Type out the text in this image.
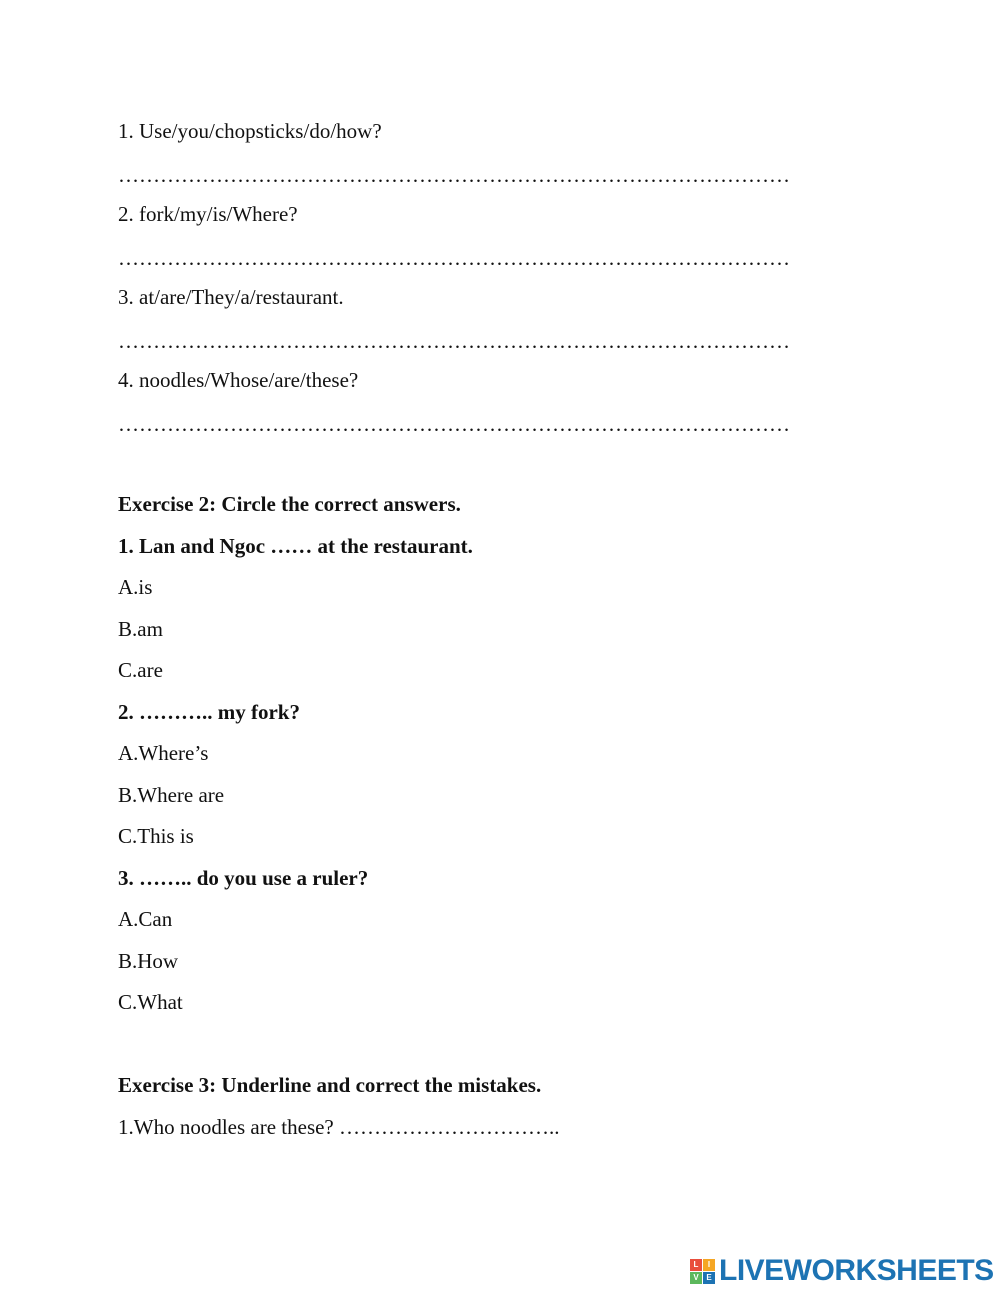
1. Use/you/chopsticks/do/how?
……………………………………………………………………………………
2. fork/my/is/Where?
……………………………………………………………………………………
3. at/are/They/a/restaurant.
……………………………………………………………………………………
4. noodles/Whose/are/these?
……………………………………………………………………………………
Exercise 2: Circle the correct answers.
1. Lan and Ngoc …… at the restaurant.
A.is
B.am
C.are
2. ……….. my fork?
A.Where’s
B.Where are
C.This is
3. …….. do you use a ruler?
A.Can
B.How
C.What
Exercise 3: Underline and correct the mistakes.
1.Who noodles are these? …………………………..
L	I
V E LIVEWORKSHEETS
